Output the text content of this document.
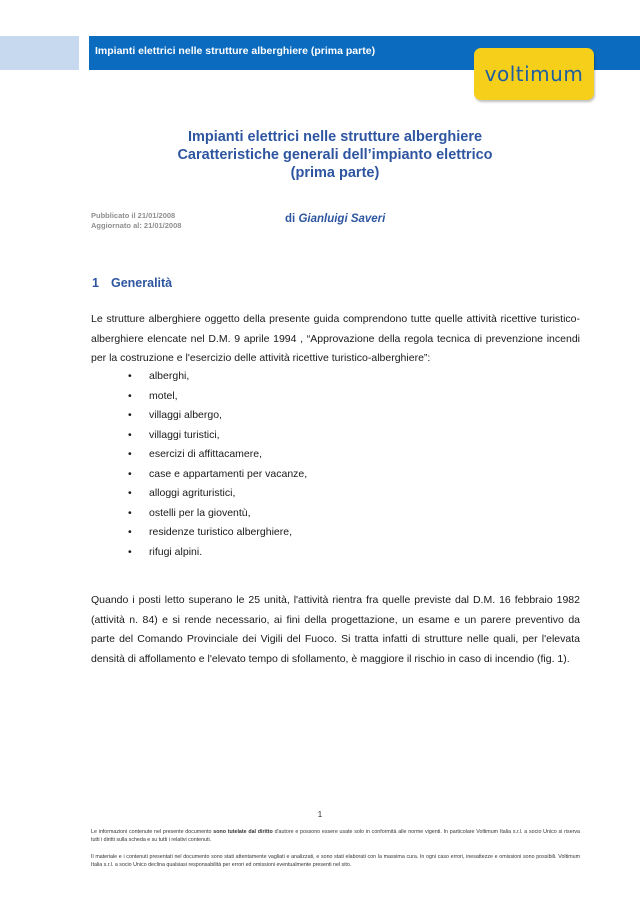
Impianti elettrici nelle strutture alberghiere (prima parte)
voltimum
Impianti elettrici nelle strutture alberghiere
Caratteristiche generali dell’impianto elettrico
(prima parte)
Pubblicato il 21/01/2008
Aggiornato al: 21/01/2008
di Gianluigi Saveri
1 Generalità
Le strutture alberghiere oggetto della presente guida comprendono tutte quelle attività ricettive turistico-alberghiere elencate nel D.M. 9 aprile 1994 , “Approvazione della regola tecnica di prevenzione incendi per la costruzione e l'esercizio delle attività ricettive turistico-alberghiere”:
• alberghi,
• motel,
• villaggi albergo,
• villaggi turistici,
• esercizi di affittacamere,
• case e appartamenti per vacanze,
• alloggi agrituristici,
• ostelli per la gioventù,
• residenze turistico alberghiere,
• rifugi alpini.
Quando i posti letto superano le 25 unità, l'attività rientra fra quelle previste dal D.M. 16 febbraio 1982 (attività n. 84) e si rende necessario, ai fini della progettazione, un esame e un parere preventivo da parte del Comando Provinciale dei Vigili del Fuoco. Si tratta infatti di strutture nelle quali, per l'elevata densità di affollamento e l'elevato tempo di sfollamento, è maggiore il rischio in caso di incendio (fig. 1).
1
Le informazioni contenute nel presente documento sono tutelate dal diritto d'autore e possono essere usate solo in conformità alle norme vigenti. In particolare Voltimum Italia s.r.l. a socio Unico si riserva tutti i diritti sulla scheda e su tutti i relativi contenuti.
Il materiale e i contenuti presentati nel documento sono stati attentamente vagliati e analizzati, e sono stati elaborati con la massima cura. In ogni caso errori, inesattezze e omissioni sono possibili. Voltimum Italia s.r.l. a socio Unico declina qualsiasi responsabilità per errori ed omissioni eventualmente presenti nel sito.
